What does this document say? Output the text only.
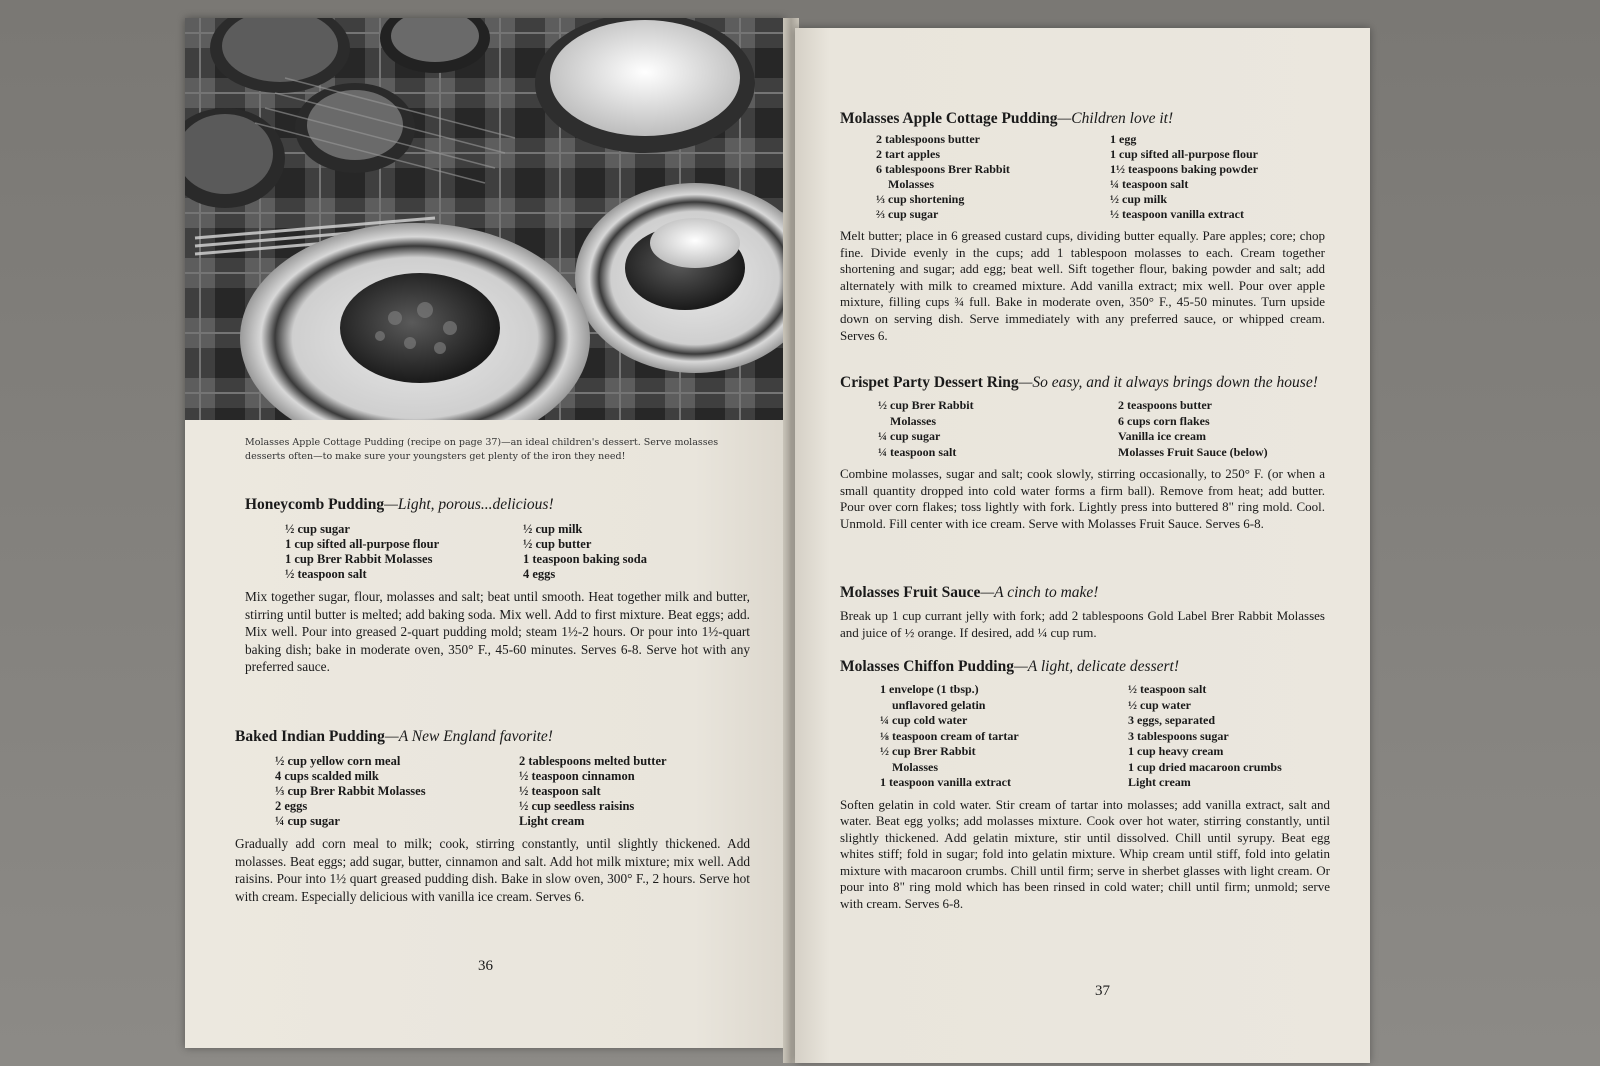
Molasses Apple Cottage Pudding (recipe on page 37)—an ideal children's dessert. Serve molasses desserts often—to make sure your youngsters get plenty of the iron they need!
Honeycomb Pudding—Light, porous...delicious!
½ cup sugar	½ cup milk
1 cup sifted all-purpose flour	½ cup butter
1 cup Brer Rabbit Molasses	1 teaspoon baking soda
½ teaspoon salt	4 eggs

Mix together sugar, flour, molasses and salt; beat until smooth. Heat together milk and butter, stirring until butter is melted; add baking soda. Mix well. Add to first mixture. Beat eggs; add. Mix well. Pour into greased 2-quart pudding mold; steam 1½-2 hours. Or pour into 1½-quart baking dish; bake in moderate oven, 350° F., 45-60 minutes. Serves 6-8. Serve hot with any preferred sauce.

Baked Indian Pudding—A New England favorite!
½ cup yellow corn meal	2 tablespoons melted butter
4 cups scalded milk	½ teaspoon cinnamon
⅓ cup Brer Rabbit Molasses	½ teaspoon salt
2 eggs	½ cup seedless raisins
¼ cup sugar	Light cream

Gradually add corn meal to milk; cook, stirring constantly, until slightly thickened. Add molasses. Beat eggs; add sugar, butter, cinnamon and salt. Add hot milk mixture; mix well. Add raisins. Pour into 1½ quart greased pudding dish. Bake in slow oven, 300° F., 2 hours. Serve hot with cream. Especially delicious with vanilla ice cream. Serves 6.

36
Molasses Apple Cottage Pudding—Children love it!
2 tablespoons butter	1 egg
2 tart apples	1 cup sifted all-purpose flour
6 tablespoons Brer Rabbit	1½ teaspoons baking powder
Molasses	¼ teaspoon salt
⅓ cup shortening	½ cup milk
⅔ cup sugar	½ teaspoon vanilla extract

Melt butter; place in 6 greased custard cups, dividing butter equally. Pare apples; core; chop fine. Divide evenly in the cups; add 1 tablespoon molasses to each. Cream together shortening and sugar; add egg; beat well. Sift together flour, baking powder and salt; add alternately with milk to creamed mixture. Add vanilla extract; mix well. Pour over apple mixture, filling cups ¾ full. Bake in moderate oven, 350° F., 45-50 minutes. Turn upside down on serving dish. Serve immediately with any preferred sauce, or whipped cream. Serves 6.

Crispet Party Dessert Ring—So easy, and it always brings down the house!
½ cup Brer Rabbit	2 teaspoons butter
Molasses	6 cups corn flakes
¼ cup sugar	Vanilla ice cream
¼ teaspoon salt	Molasses Fruit Sauce (below)

Combine molasses, sugar and salt; cook slowly, stirring occasionally, to 250° F. (or when a small quantity dropped into cold water forms a firm ball). Remove from heat; add butter. Pour over corn flakes; toss lightly with fork. Lightly press into buttered 8" ring mold. Cool. Unmold. Fill center with ice cream. Serve with Molasses Fruit Sauce. Serves 6-8.

Molasses Fruit Sauce—A cinch to make!

Break up 1 cup currant jelly with fork; add 2 tablespoons Gold Label Brer Rabbit Molasses and juice of ½ orange. If desired, add ¼ cup rum.

Molasses Chiffon Pudding—A light, delicate dessert!
1 envelope (1 tbsp.)	½ teaspoon salt
unflavored gelatin	½ cup water
¼ cup cold water	3 eggs, separated
⅛ teaspoon cream of tartar	3 tablespoons sugar
½ cup Brer Rabbit	1 cup heavy cream
Molasses	1 cup dried macaroon crumbs
1 teaspoon vanilla extract	Light cream

Soften gelatin in cold water. Stir cream of tartar into molasses; add vanilla extract, salt and water. Beat egg yolks; add molasses mixture. Cook over hot water, stirring constantly, until slightly thickened. Add gelatin mixture, stir until dissolved. Chill until syrupy. Beat egg whites stiff; fold in sugar; fold into gelatin mixture. Whip cream until stiff, fold into gelatin mixture with macaroon crumbs. Chill until firm; serve in sherbet glasses with light cream. Or pour into 8" ring mold which has been rinsed in cold water; chill until firm; unmold; serve with cream. Serves 6-8.

37
